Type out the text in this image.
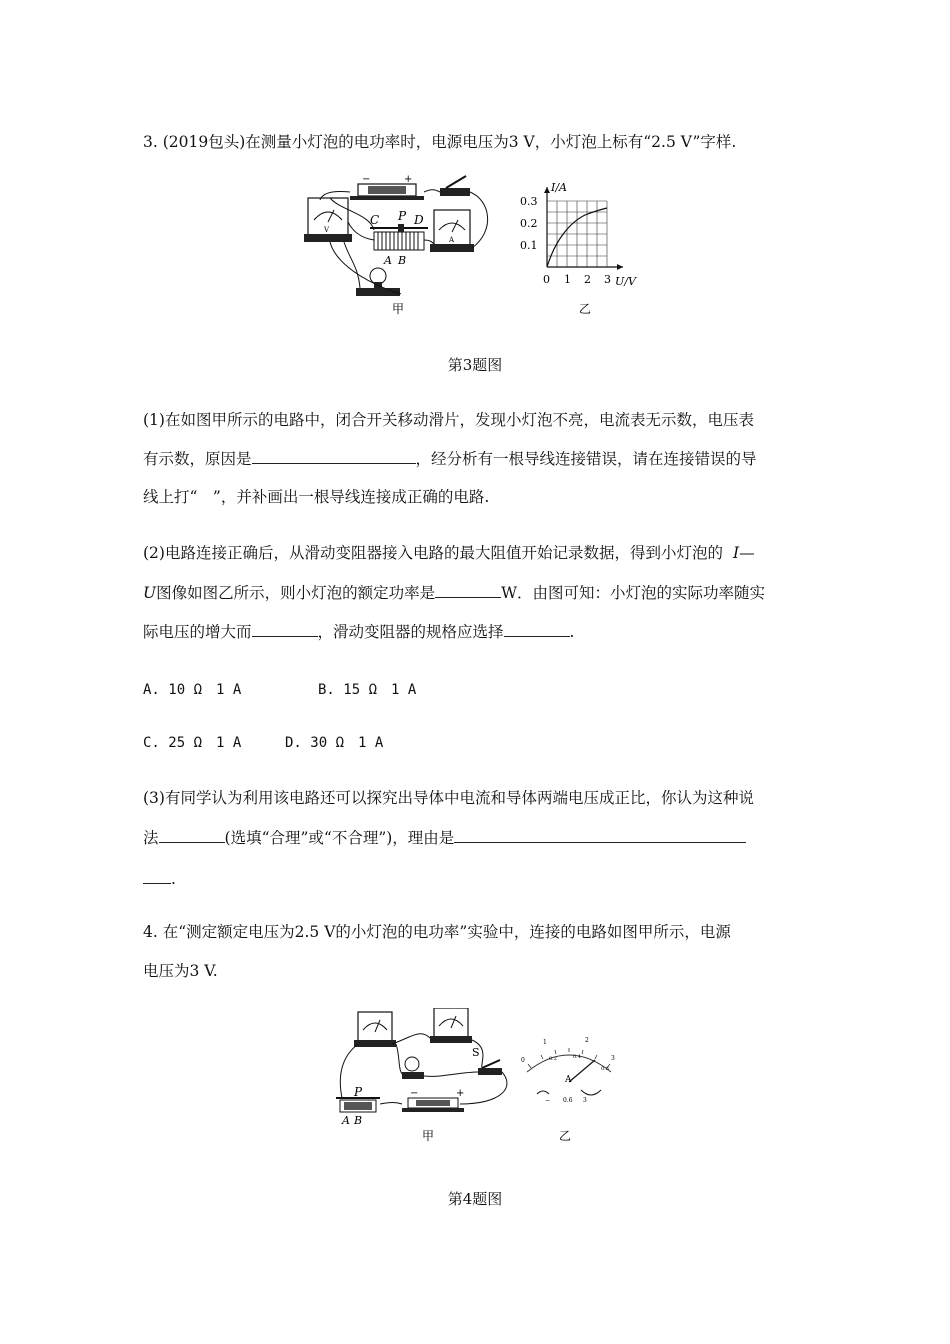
3. (2019包头)在测量小灯泡的电功率时，电源电压为3 V，小灯泡上标有“2.5 V”字样.
+
−
V
A
C P D
A B
甲
I/A
0.3
0.2
0.1
0 1 2 3 U/V
乙
第3题图
(1)在如图甲所示的电路中，闭合开关移动滑片，发现小灯泡不亮，电流表无示数，电压表
有示数，原因是	，经分析有一根导线连接错误，请在连接错误的导
线上打“　”，并补画出一根导线连接成正确的电路.
(2)电路连接正确后，从滑动变阻器接入电路的最大阻值开始记录数据，得到小灯泡的 I—
U图像如图乙所示，则小灯泡的额定功率是	W．由图可知：小灯泡的实际功率随实
际电压的增大而	，滑动变阻器的规格应选择	.
A. 10 Ω　1 A	B. 15 Ω　1 A
C. 25 Ω　1 A	D. 30 Ω　1 A
(3)有同学认为利用该电路还可以探究出导体中电流和导体两端电压成正比，你认为这种说
法	(选填“合理”或“不合理”)，理由是
.
4. 在“测定额定电压为2.5 V的小灯泡的电功率”实验中，连接的电路如图甲所示，电源
电压为3 V.
S
P
A B
+
−
甲
0
1	2
3
0.2	0.4
0.6
A
− 0.6 3
乙
第4题图
